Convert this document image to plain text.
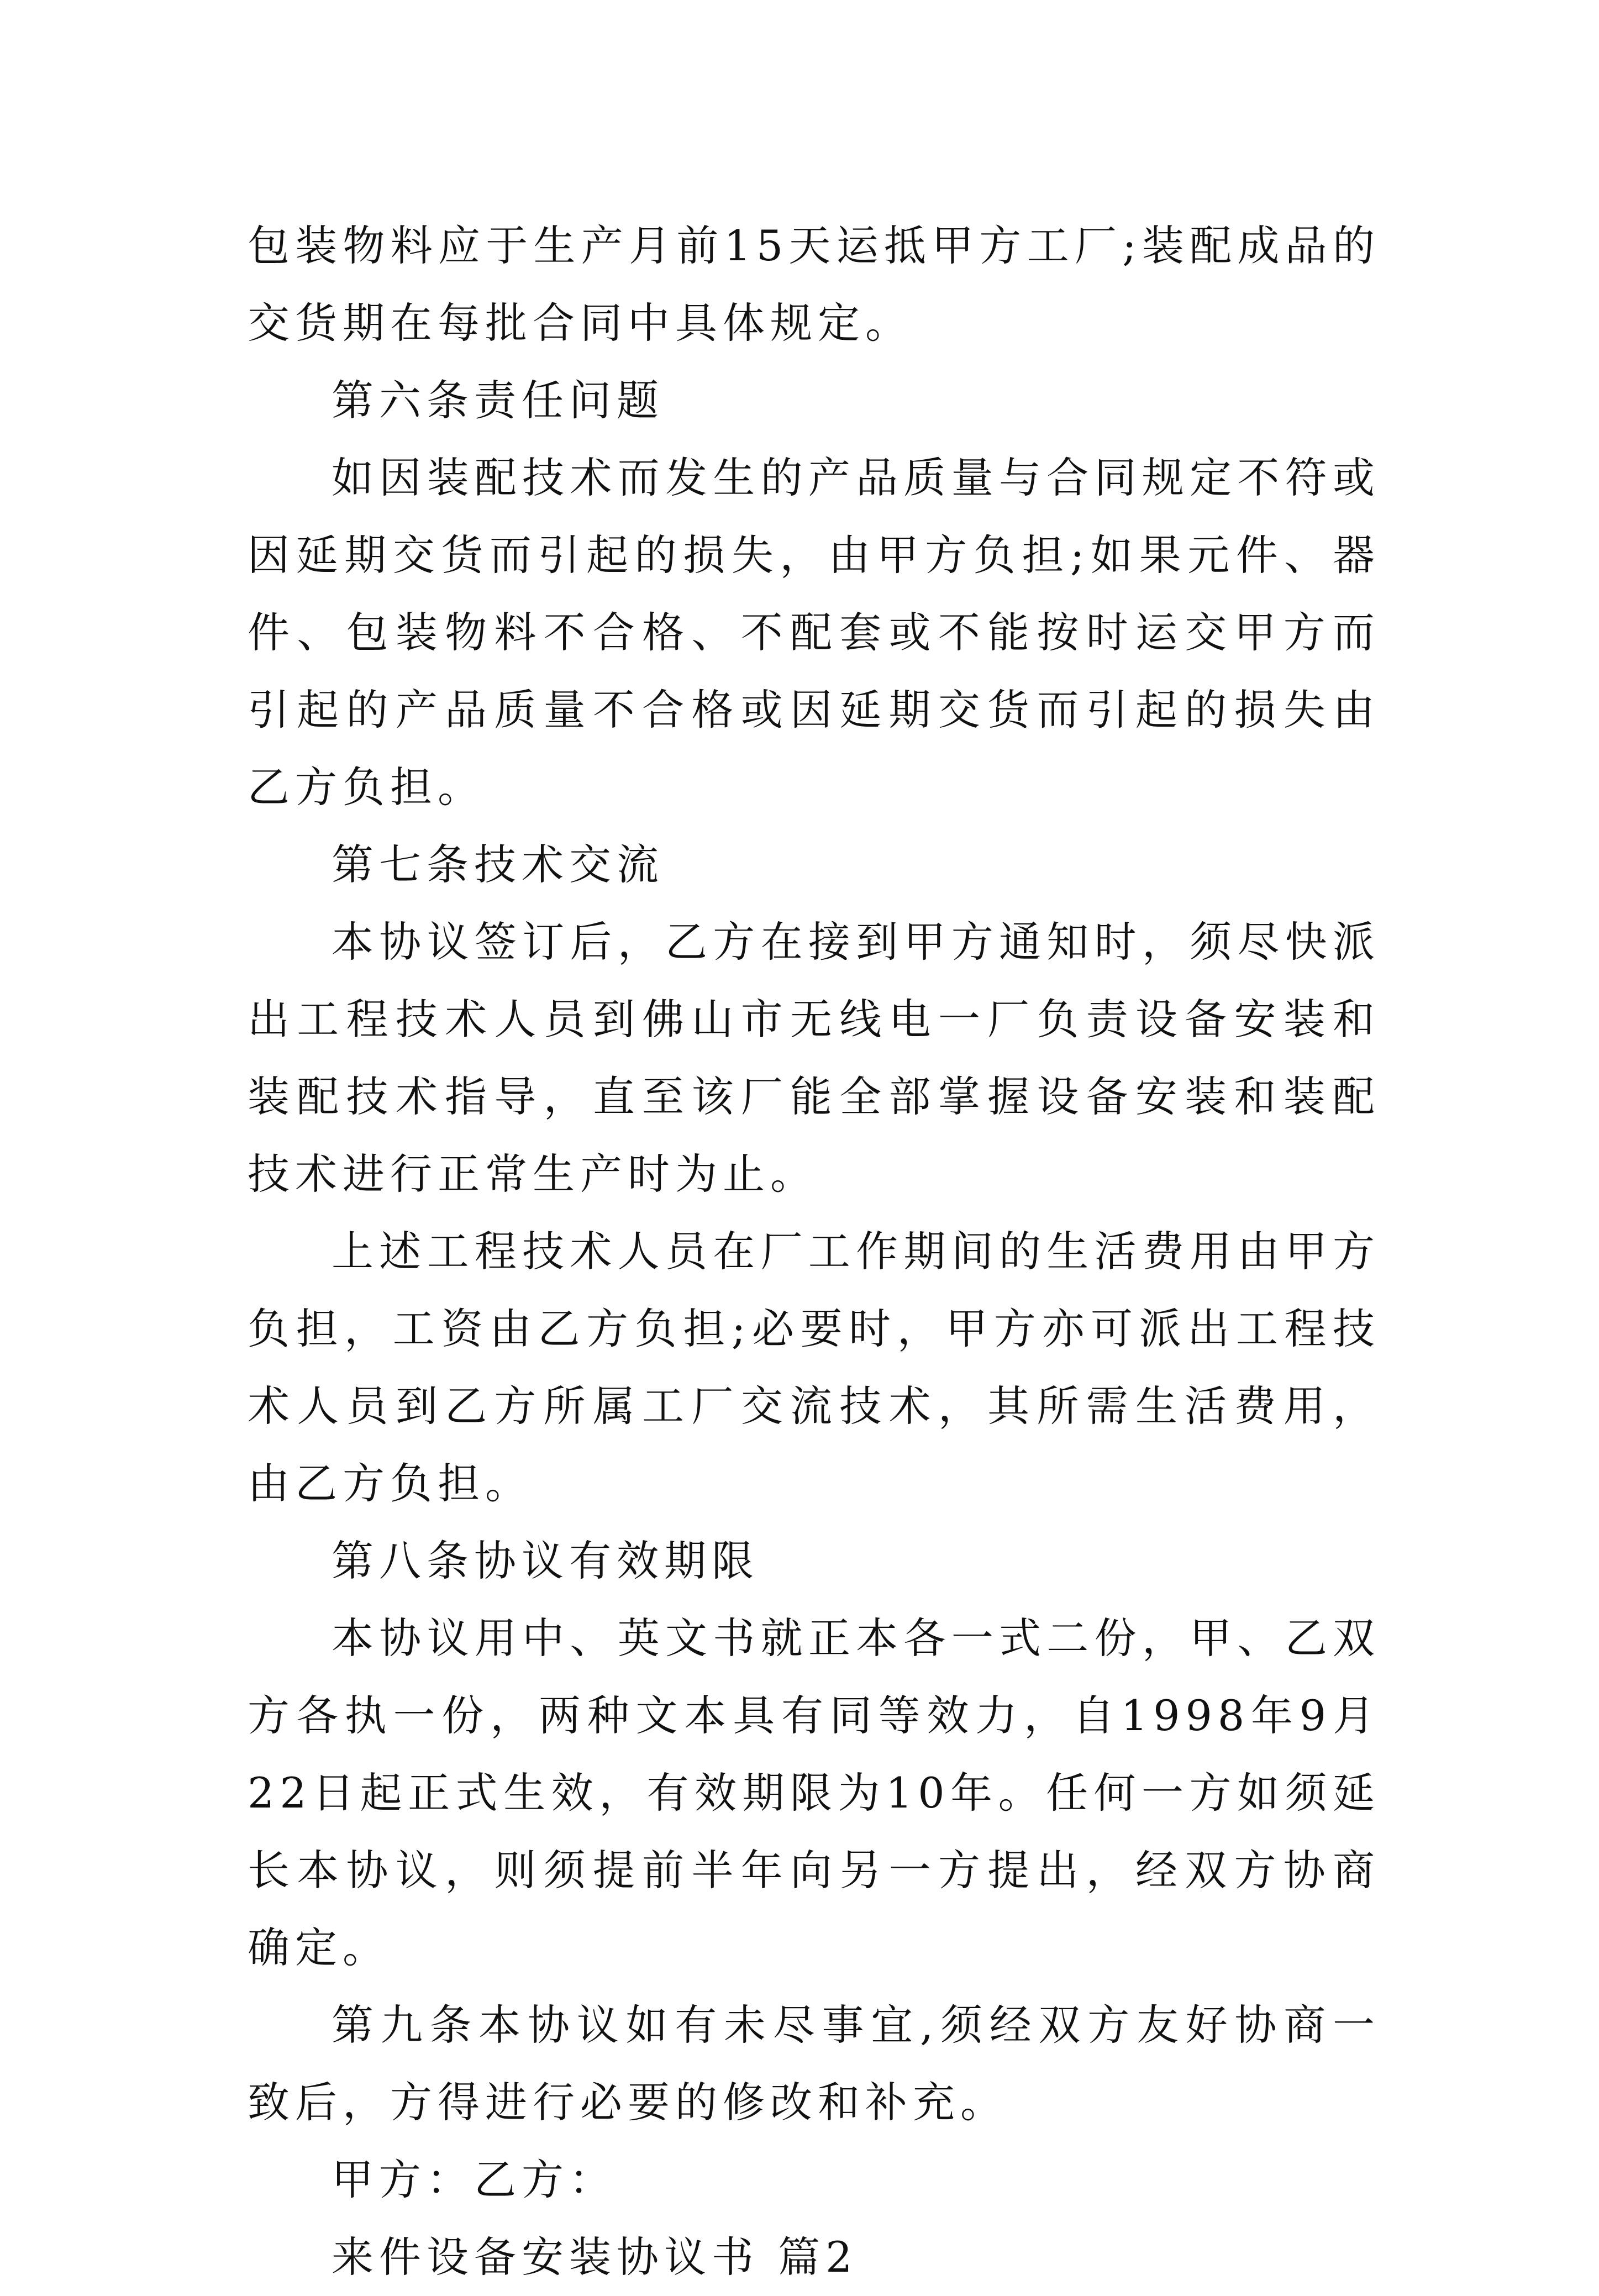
包装物料应于生产月前15天运抵甲方工厂;装配成品的交货期在每批合同中具体规定。

第六条责任问题

如因装配技术而发生的产品质量与合同规定不符或因延期交货而引起的损失，由甲方负担;如果元件、器件、包装物料不合格、不配套或不能按时运交甲方而引起的产品质量不合格或因延期交货而引起的损失由乙方负担。

第七条技术交流

本协议签订后，乙方在接到甲方通知时，须尽快派出工程技术人员到佛山市无线电一厂负责设备安装和装配技术指导，直至该厂能全部掌握设备安装和装配技术进行正常生产时为止。

上述工程技术人员在厂工作期间的生活费用由甲方负担，工资由乙方负担;必要时，甲方亦可派出工程技术人员到乙方所属工厂交流技术，其所需生活费用，由乙方负担。

第八条协议有效期限

本协议用中、英文书就正本各一式二份，甲、乙双方各执一份，两种文本具有同等效力，自1998年9月22日起正式生效，有效期限为10年。任何一方如须延长本协议，则须提前半年向另一方提出，经双方协商确定。

第九条本协议如有未尽事宜,须经双方友好协商一致后，方得进行必要的修改和补充。

甲方：乙方：

来件设备安装协议书 篇2
